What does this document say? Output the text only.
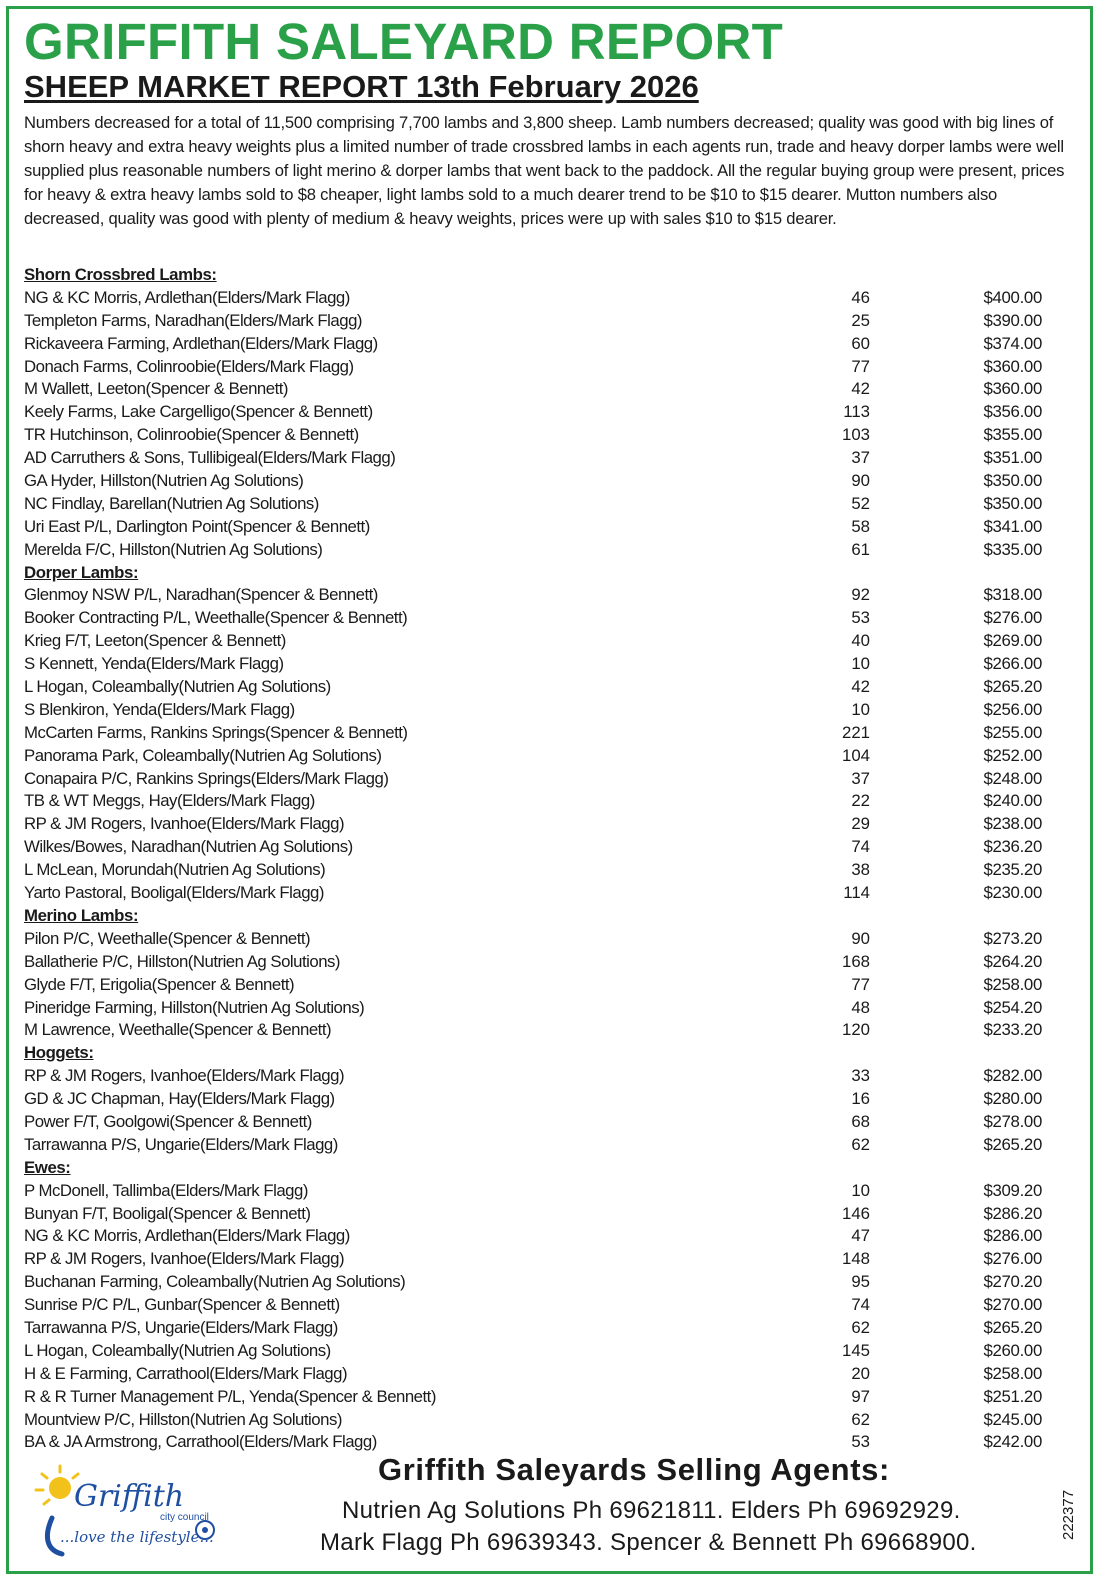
GRIFFITH SALEYARD REPORT
SHEEP MARKET REPORT 13th February 2026

Numbers decreased for a total of 11,500 comprising 7,700 lambs and 3,800 sheep. Lamb numbers decreased; quality was good with big lines of shorn heavy and extra heavy weights plus a limited number of trade crossbred lambs in each agents run, trade and heavy dorper lambs were well supplied plus reasonable numbers of light merino & dorper lambs that went back to the paddock. All the regular buying group were present, prices for heavy & extra heavy lambs sold to $8 cheaper, light lambs sold to a much dearer trend to be $10 to $15 dearer. Mutton numbers also decreased, quality was good with plenty of medium & heavy weights, prices were up with sales $10 to $15 dearer.

Shorn Crossbred Lambs:
NG & KC Morris, Ardlethan(Elders/Mark Flagg)	46	$400.00
Templeton Farms, Naradhan(Elders/Mark Flagg)	25	$390.00
Rickaveera Farming, Ardlethan(Elders/Mark Flagg)	60	$374.00
Donach Farms, Colinroobie(Elders/Mark Flagg)	77	$360.00
M Wallett, Leeton(Spencer & Bennett)	42	$360.00
Keely Farms, Lake Cargelligo(Spencer & Bennett)	113	$356.00
TR Hutchinson, Colinroobie(Spencer & Bennett)	103	$355.00
AD Carruthers & Sons, Tullibigeal(Elders/Mark Flagg)	37	$351.00
GA Hyder, Hillston(Nutrien Ag Solutions)	90	$350.00
NC Findlay, Barellan(Nutrien Ag Solutions)	52	$350.00
Uri East P/L, Darlington Point(Spencer & Bennett)	58	$341.00
Merelda F/C, Hillston(Nutrien Ag Solutions)	61	$335.00
Dorper Lambs:
Glenmoy NSW P/L, Naradhan(Spencer & Bennett)	92	$318.00
Booker Contracting P/L, Weethalle(Spencer & Bennett)	53	$276.00
Krieg F/T, Leeton(Spencer & Bennett)	40	$269.00
S Kennett, Yenda(Elders/Mark Flagg)	10	$266.00
L Hogan, Coleambally(Nutrien Ag Solutions)	42	$265.20
S Blenkiron, Yenda(Elders/Mark Flagg)	10	$256.00
McCarten Farms, Rankins Springs(Spencer & Bennett)	221	$255.00
Panorama Park, Coleambally(Nutrien Ag Solutions)	104	$252.00
Conapaira P/C, Rankins Springs(Elders/Mark Flagg)	37	$248.00
TB & WT Meggs, Hay(Elders/Mark Flagg)	22	$240.00
RP & JM Rogers, Ivanhoe(Elders/Mark Flagg)	29	$238.00
Wilkes/Bowes, Naradhan(Nutrien Ag Solutions)	74	$236.20
L McLean, Morundah(Nutrien Ag Solutions)	38	$235.20
Yarto Pastoral, Booligal(Elders/Mark Flagg)	114	$230.00
Merino Lambs:
Pilon P/C, Weethalle(Spencer & Bennett)	90	$273.20
Ballatherie P/C, Hillston(Nutrien Ag Solutions)	168	$264.20
Glyde F/T, Erigolia(Spencer & Bennett)	77	$258.00
Pineridge Farming, Hillston(Nutrien Ag Solutions)	48	$254.20
M Lawrence, Weethalle(Spencer & Bennett)	120	$233.20
Hoggets:
RP & JM Rogers, Ivanhoe(Elders/Mark Flagg)	33	$282.00
GD & JC Chapman, Hay(Elders/Mark Flagg)	16	$280.00
Power F/T, Goolgowi(Spencer & Bennett)	68	$278.00
Tarrawanna P/S, Ungarie(Elders/Mark Flagg)	62	$265.20
Ewes:
P McDonell, Tallimba(Elders/Mark Flagg)	10	$309.20
Bunyan F/T, Booligal(Spencer & Bennett)	146	$286.20
NG & KC Morris, Ardlethan(Elders/Mark Flagg)	47	$286.00
RP & JM Rogers, Ivanhoe(Elders/Mark Flagg)	148	$276.00
Buchanan Farming, Coleambally(Nutrien Ag Solutions)	95	$270.20
Sunrise P/C P/L, Gunbar(Spencer & Bennett)	74	$270.00
Tarrawanna P/S, Ungarie(Elders/Mark Flagg)	62	$265.20
L Hogan, Coleambally(Nutrien Ag Solutions)	145	$260.00
H & E Farming, Carrathool(Elders/Mark Flagg)	20	$258.00
R & R Turner Management P/L, Yenda(Spencer & Bennett)	97	$251.20
Mountview P/C, Hillston(Nutrien Ag Solutions)	62	$245.00
BA & JA Armstrong, Carrathool(Elders/Mark Flagg)	53	$242.00
Griffith
city council
...love the lifestyle...
Griffith Saleyards Selling Agents:

Nutrien Ag Solutions Ph 69621811. Elders Ph 69692929.

Mark Flagg Ph 69639343. Spencer & Bennett Ph 69668900.

222377
